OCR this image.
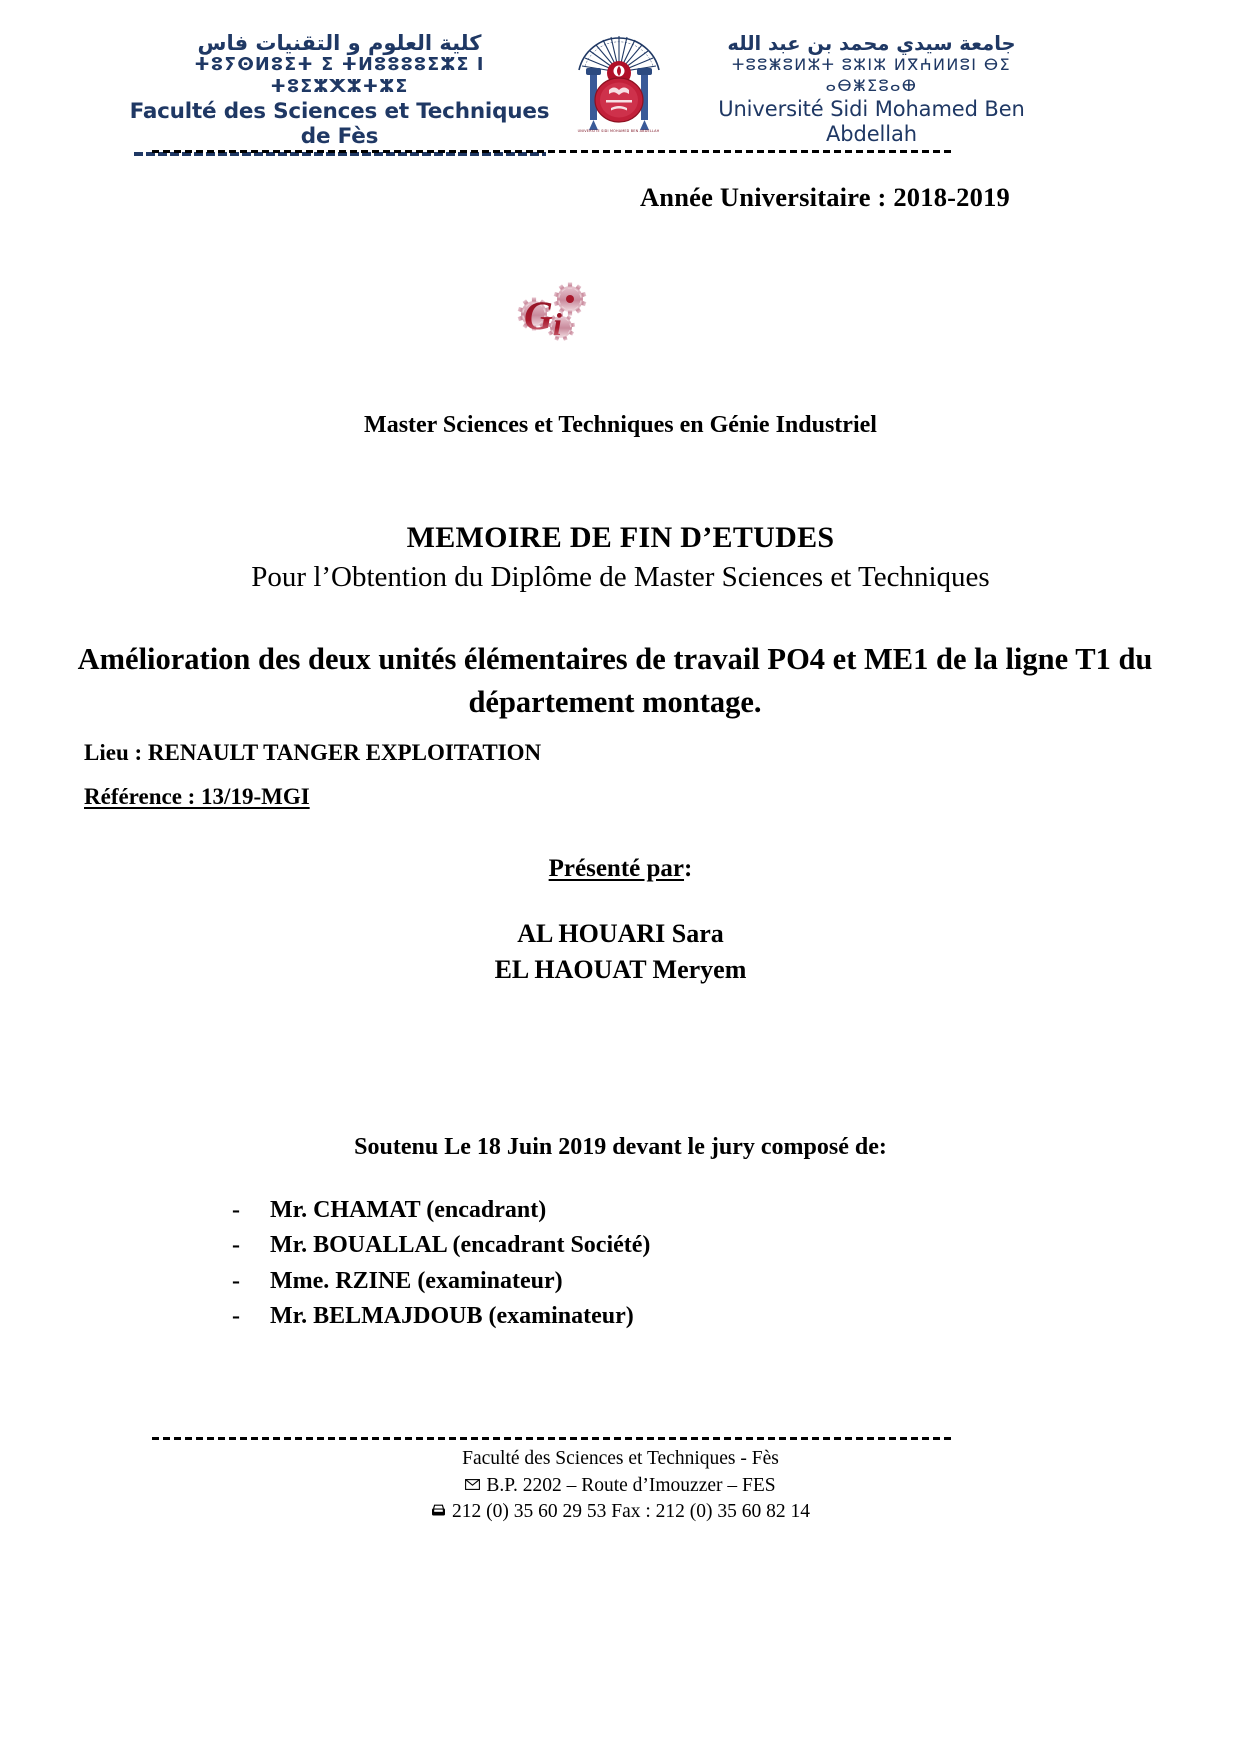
كلية العلوم و التقنيات فاس
ⵜⵓⵢⵙⵍⵓⵉⵜ ⵉ ⵜⵍⵓⵓⵓⵓⵉⵣⵉ ⵏ ⵜⵓⵉⵣⵅⵣⵜⵣⵉ
Faculté des Sciences et Techniques de Fès	UNIVERSITE SIDI MOHAMED BEN ABDELLAH
جامعة سيدي محمد بن عبد الله
ⵜⵓⵓⵥⵓⵍⵣⵜ ⵓⵣⵏⵣ ⵍⴳⵄⵍⵍⵓⵏ ⴱⵉ ⴰⴱⵥⵉⵓⴰⴲ
Université Sidi Mohamed Ben Abdellah
Année Universitaire : 2018-2019
G i
Master Sciences et Techniques en Génie Industriel
MEMOIRE DE FIN D’ETUDES
Pour l’Obtention du Diplôme de Master Sciences et Techniques
Amélioration des deux unités élémentaires de travail PO4 et ME1 de la ligne T1 du département montage.
Lieu : RENAULT TANGER EXPLOITATION
Référence : 13/19-MGI
Présenté par:
AL HOUARI Sara
EL HAOUAT Meryem
Soutenu Le 18 Juin 2019 devant le jury composé de:
-	Mr. CHAMAT (encadrant)
-	Mr. BOUALLAL (encadrant Société)
-	Mme. RZINE (examinateur)
-	Mr. BELMAJDOUB (examinateur)
Faculté des Sciences et Techniques - Fès
B.P. 2202 – Route d’Imouzzer – FES
212 (0) 35 60 29 53 Fax : 212 (0) 35 60 82 14
